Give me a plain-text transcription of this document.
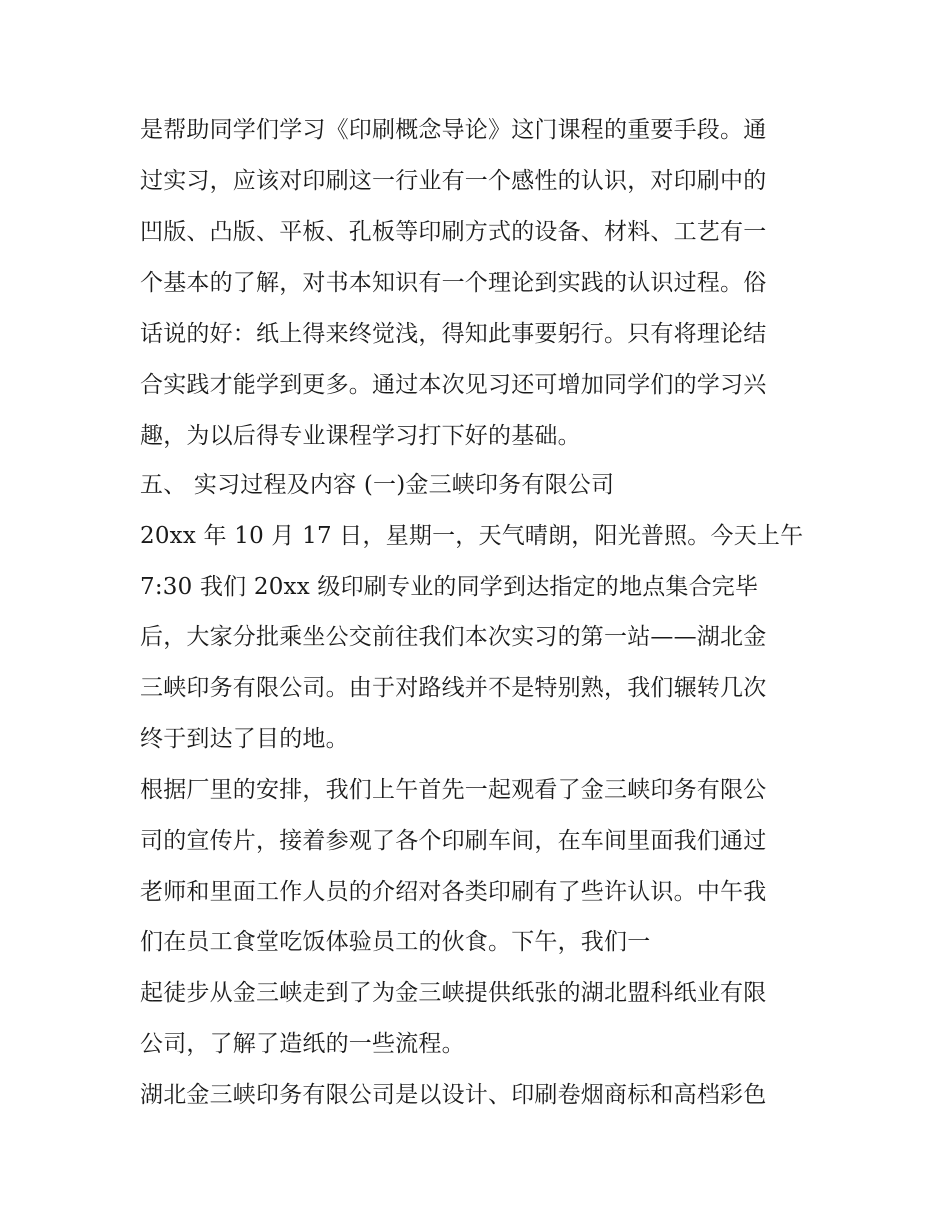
是帮助同学们学习《印刷概念导论》这门课程的重要手段。通
过实习，应该对印刷这一行业有一个感性的认识，对印刷中的
凹版、凸版、平板、孔板等印刷方式的设备、材料、工艺有一
个基本的了解，对书本知识有一个理论到实践的认识过程。俗
话说的好：纸上得来终觉浅，得知此事要躬行。只有将理论结
合实践才能学到更多。通过本次见习还可增加同学们的学习兴
趣，为以后得专业课程学习打下好的基础。
五、 实习过程及内容 (一)金三峡印务有限公司
20xx 年 10 月 17 日，星期一，天气晴朗，阳光普照。今天上午
7:30 我们 20xx 级印刷专业的同学到达指定的地点集合完毕
后，大家分批乘坐公交前往我们本次实习的第一站——湖北金
三峡印务有限公司。由于对路线并不是特别熟，我们辗转几次
终于到达了目的地。
根据厂里的安排，我们上午首先一起观看了金三峡印务有限公
司的宣传片，接着参观了各个印刷车间，在车间里面我们通过
老师和里面工作人员的介绍对各类印刷有了些许认识。中午我
们在员工食堂吃饭体验员工的伙食。下午，我们一
起徒步从金三峡走到了为金三峡提供纸张的湖北盟科纸业有限
公司，了解了造纸的一些流程。
湖北金三峡印务有限公司是以设计、印刷卷烟商标和高档彩色
